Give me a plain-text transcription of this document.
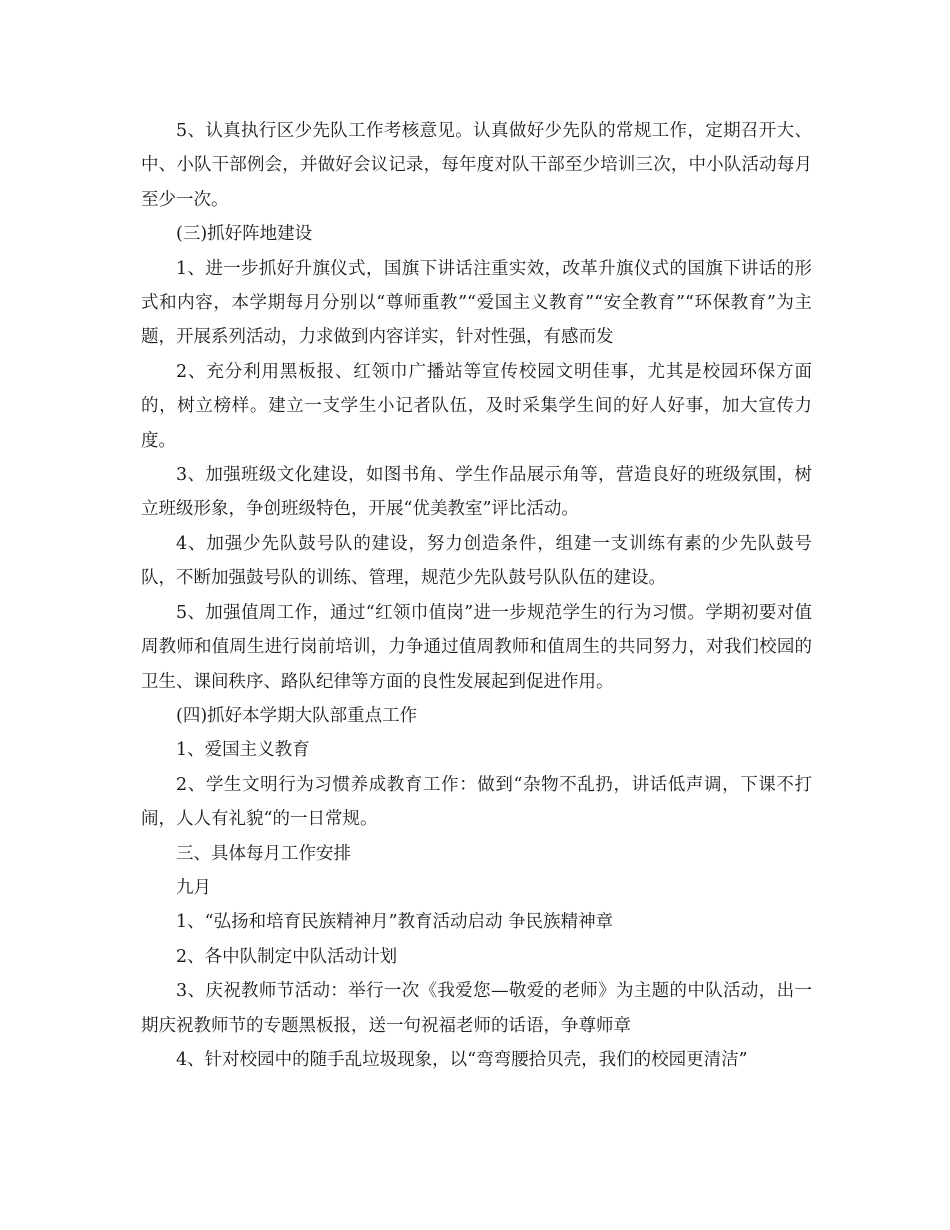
5、认真执行区少先队工作考核意见。认真做好少先队的常规工作，定期召开大、中、小队干部例会，并做好会议记录，每年度对队干部至少培训三次，中小队活动每月至少一次。

(三)抓好阵地建设

1、进一步抓好升旗仪式，国旗下讲话注重实效，改革升旗仪式的国旗下讲话的形式和内容，本学期每月分别以“尊师重教”“爱国主义教育”“安全教育”“环保教育”为主题，开展系列活动，力求做到内容详实，针对性强，有感而发

2、充分利用黑板报、红领巾广播站等宣传校园文明佳事，尤其是校园环保方面的，树立榜样。建立一支学生小记者队伍，及时采集学生间的好人好事，加大宣传力度。

3、加强班级文化建设，如图书角、学生作品展示角等，营造良好的班级氛围，树立班级形象，争创班级特色，开展“优美教室”评比活动。

4、加强少先队鼓号队的建设，努力创造条件，组建一支训练有素的少先队鼓号队，不断加强鼓号队的训练、管理，规范少先队鼓号队队伍的建设。

5、加强值周工作，通过“红领巾值岗”进一步规范学生的行为习惯。学期初要对值周教师和值周生进行岗前培训，力争通过值周教师和值周生的共同努力，对我们校园的卫生、课间秩序、路队纪律等方面的良性发展起到促进作用。

(四)抓好本学期大队部重点工作

1、爱国主义教育

2、学生文明行为习惯养成教育工作：做到“杂物不乱扔，讲话低声调，下课不打闹，人人有礼貌“的一日常规。

三、具体每月工作安排

九月

1、“弘扬和培育民族精神月”教育活动启动 争民族精神章

2、各中队制定中队活动计划

3、庆祝教师节活动：举行一次《我爱您—敬爱的老师》为主题的中队活动，出一期庆祝教师节的专题黑板报，送一句祝福老师的话语，争尊师章

4、针对校园中的随手乱垃圾现象，以“弯弯腰拾贝壳，我们的校园更清洁”
